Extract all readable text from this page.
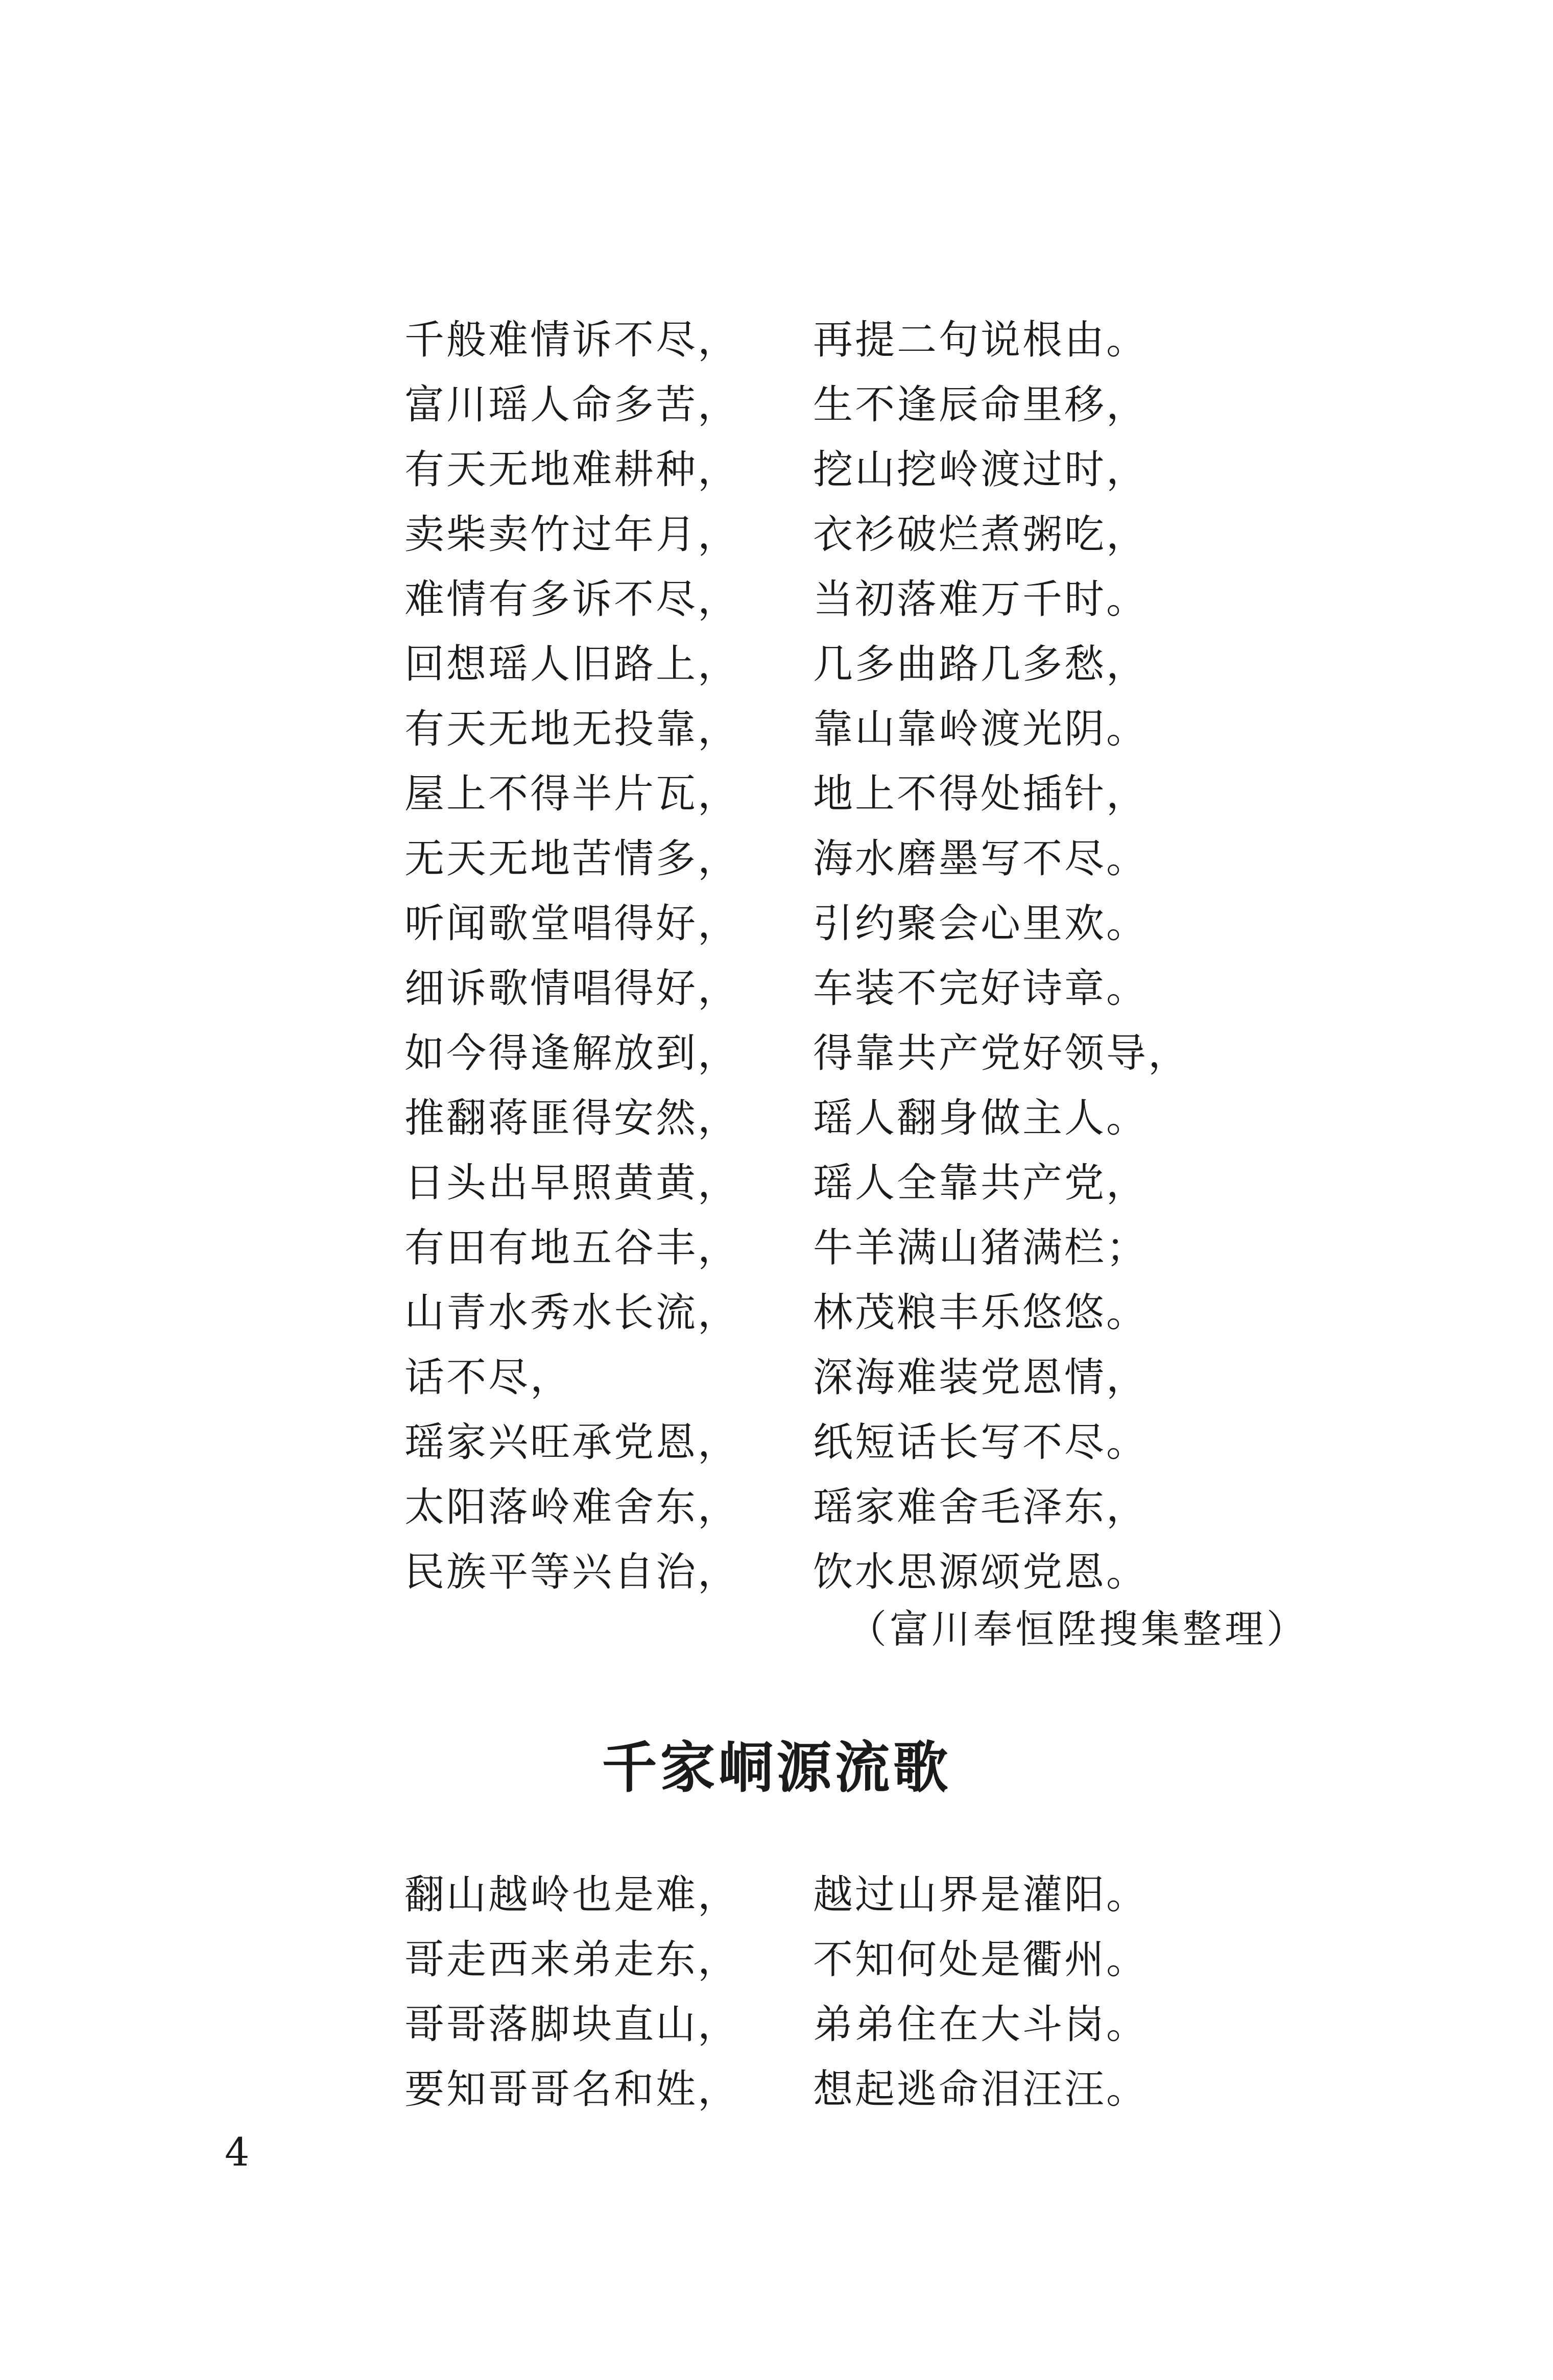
千般难情诉不尽，	再提二句说根由。
富川瑶人命多苦，	生不逢辰命里移，
有天无地难耕种，	挖山挖岭渡过时，
卖柴卖竹过年月，	衣衫破烂煮粥吃，
难情有多诉不尽，	当初落难万千时。
回想瑶人旧路上，	几多曲路几多愁，
有天无地无投靠，	靠山靠岭渡光阴。
屋上不得半片瓦，	地上不得处插针，
无天无地苦情多，	海水磨墨写不尽。
听闻歌堂唱得好，	引约聚会心里欢。
细诉歌情唱得好，	车装不完好诗章。
如今得逢解放到，	得靠共产党好领导，
推翻蒋匪得安然，	瑶人翻身做主人。
日头出早照黄黄，	瑶人全靠共产党，
有田有地五谷丰，	牛羊满山猪满栏；
山青水秀水长流，	林茂粮丰乐悠悠。
话不尽，	深海难装党恩情，
瑶家兴旺承党恩，	纸短话长写不尽。
太阳落岭难舍东，	瑶家难舍毛泽东，
民族平等兴自治，	饮水思源颂党恩。
（富川奉恒陞搜集整理）
千家峒源流歌
翻山越岭也是难，	越过山界是灌阳。
哥走西来弟走东，	不知何处是衢州。
哥哥落脚块直山，	弟弟住在大斗岗。
要知哥哥名和姓，	想起逃命泪汪汪。
4
